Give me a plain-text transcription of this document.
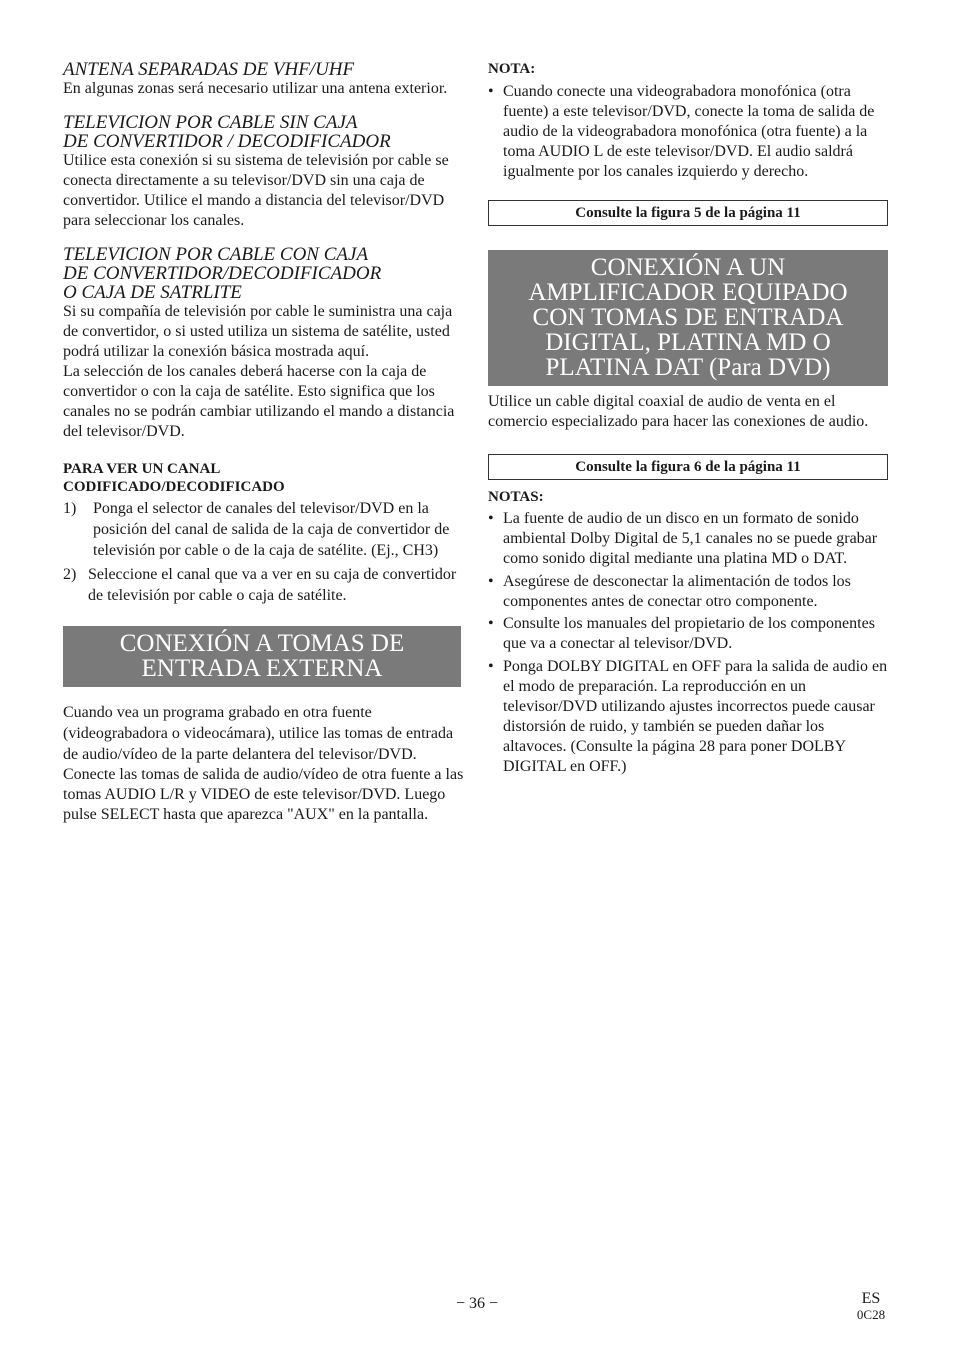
ANTENA SEPARADAS DE VHF/UHF

En algunas zonas será necesario utilizar una antena exterior.

TELEVICION POR CABLE SIN CAJA
DE CONVERTIDOR / DECODIFICADOR

Utilice esta conexión si su sistema de televisión por cable se conecta directamente a su televisor/DVD sin una caja de convertidor. Utilice el mando a distancia del televisor/DVD para seleccionar los canales.

TELEVICION POR CABLE CON CAJA
DE CONVERTIDOR/DECODIFICADOR
O CAJA DE SATRLITE

Si su compañía de televisión por cable le suministra una caja de convertidor, o si usted utiliza un sistema de satélite, usted podrá utilizar la conexión básica mostrada aquí.

La selección de los canales deberá hacerse con la caja de convertidor o con la caja de satélite. Esto significa que los canales no se podrán cambiar utilizando el mando a distancia del televisor/DVD.

PARA VER UN CANAL
CODIFICADO/DECODIFICADO
1)	Ponga el selector de canales del televisor/DVD en la posición del canal de salida de la caja de convertidor de televisión por cable o de la caja de satélite. (Ej., CH3)
2) Seleccione el canal que va a ver en su caja de convertidor de televisión por cable o caja de satélite.
CONEXIÓN A TOMAS DE
ENTRADA EXTERNA

Cuando vea un programa grabado en otra fuente (videograbadora o videocámara), utilice las tomas de entrada de audio/vídeo de la parte delantera del televisor/DVD.

Conecte las tomas de salida de audio/vídeo de otra fuente a las tomas AUDIO L/R y VIDEO de este televisor/DVD. Luego pulse SELECT hasta que aparezca "AUX" en la pantalla.

NOTA:
• Cuando conecte una videograbadora monofónica (otra fuente) a este televisor/DVD, conecte la toma de salida de audio de la videograbadora monofónica (otra fuente) a la toma AUDIO L de este televisor/DVD. El audio saldrá igualmente por los canales izquierdo y derecho.
Consulte la figura 5 de la página 11
CONEXIÓN A UN
AMPLIFICADOR EQUIPADO
CON TOMAS DE ENTRADA
DIGITAL, PLATINA MD O
PLATINA DAT (Para DVD)

Utilice un cable digital coaxial de audio de venta en el comercio especializado para hacer las conexiones de audio.

Consulte la figura 6 de la página 11
NOTAS:
• La fuente de audio de un disco en un formato de sonido ambiental Dolby Digital de 5,1 canales no se puede grabar como sonido digital mediante una platina MD o DAT.
• Asegúrese de desconectar la alimentación de todos los componentes antes de conectar otro componente.
• Consulte los manuales del propietario de los componentes que va a conectar al televisor/DVD.
• Ponga DOLBY DIGITAL en OFF para la salida de audio en el modo de preparación. La reproducción en un televisor/DVD utilizando ajustes incorrectos puede causar distorsión de ruido, y también se pueden dañar los altavoces. (Consulte la página 28 para poner DOLBY DIGITAL en OFF.)
− 36 −	ES
0C28
